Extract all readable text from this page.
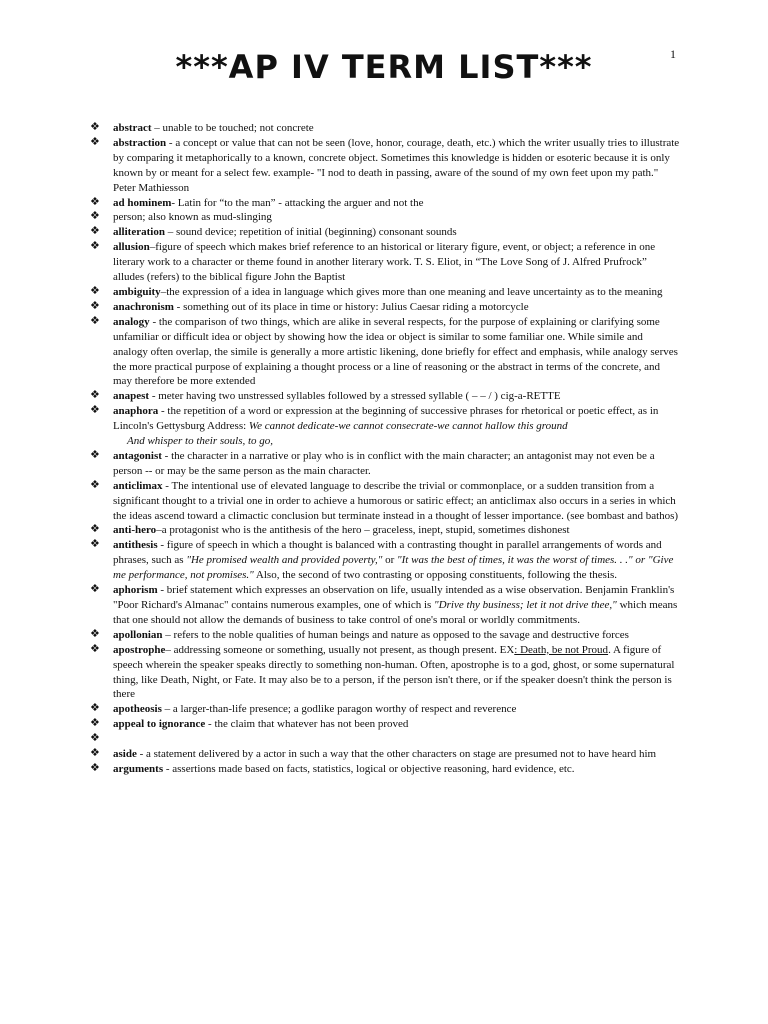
1
***AP IV TERM LIST***
❖ abstract – unable to be touched; not concrete
❖ abstraction - a concept or value that can not be seen (love, honor, courage, death, etc.) which the writer usually tries to illustrate by comparing it metaphorically to a known, concrete object. Sometimes this knowledge is hidden or esoteric because it is only known by or meant for a select few. example- "I nod to death in passing, aware of the sound of my own feet upon my path." Peter Mathiesson
❖ ad hominem- Latin for “to the man” - attacking the arguer and not the
❖ person; also known as mud-slinging
❖ alliteration – sound device; repetition of initial (beginning) consonant sounds
❖ allusion–figure of speech which makes brief reference to an historical or literary figure, event, or object; a reference in one literary work to a character or theme found in another literary work. T. S. Eliot, in “The Love Song of J. Alfred Prufrock” alludes (refers) to the biblical figure John the Baptist
❖ ambiguity–the expression of a idea in language which gives more than one meaning and leave uncertainty as to the meaning
❖ anachronism - something out of its place in time or history: Julius Caesar riding a motorcycle
❖ analogy - the comparison of two things, which are alike in several respects, for the purpose of explaining or clarifying some unfamiliar or difficult idea or object by showing how the idea or object is similar to some familiar one. While simile and analogy often overlap, the simile is generally a more artistic likening, done briefly for effect and emphasis, while analogy serves the more practical purpose of explaining a thought process or a line of reasoning or the abstract in terms of the concrete, and may therefore be more extended
❖ anapest - meter having two unstressed syllables followed by a stressed syllable ( – – / ) cig-a-RETTE
❖ anaphora - the repetition of a word or expression at the beginning of successive phrases for rhetorical or poetic effect, as in Lincoln's Gettysburg Address: We cannot dedicate-we cannot consecrate-we cannot hallow this ground
And whisper to their souls, to go,
❖ antagonist - the character in a narrative or play who is in conflict with the main character; an antagonist may not even be a person -- or may be the same person as the main character.
❖ anticlimax - The intentional use of elevated language to describe the trivial or commonplace, or a sudden transition from a significant thought to a trivial one in order to achieve a humorous or satiric effect; an anticlimax also occurs in a series in which the ideas ascend toward a climactic conclusion but terminate instead in a thought of lesser importance. (see bombast and bathos)
❖ anti-hero–a protagonist who is the antithesis of the hero – graceless, inept, stupid, sometimes dishonest
❖ antithesis - figure of speech in which a thought is balanced with a contrasting thought in parallel arrangements of words and phrases, such as "He promised wealth and provided poverty," or "It was the best of times, it was the worst of times. . ." or "Give me performance, not promises." Also, the second of two contrasting or opposing constituents, following the thesis.
❖ aphorism - brief statement which expresses an observation on life, usually intended as a wise observation. Benjamin Franklin's "Poor Richard's Almanac" contains numerous examples, one of which is "Drive thy business; let it not drive thee," which means that one should not allow the demands of business to take control of one's moral or worldly commitments.
❖ apollonian – refers to the noble qualities of human beings and nature as opposed to the savage and destructive forces
❖ apostrophe– addressing someone or something, usually not present, as though present. EX: Death, be not Proud. A figure of speech wherein the speaker speaks directly to something non-human. Often, apostrophe is to a god, ghost, or some supernatural thing, like Death, Night, or Fate. It may also be to a person, if the person isn't there, or if the speaker doesn't think the person is there
❖ apotheosis – a larger-than-life presence; a godlike paragon worthy of respect and reverence
❖ appeal to ignorance - the claim that whatever has not been proved
❖
❖ aside - a statement delivered by a actor in such a way that the other characters on stage are presumed not to have heard him
❖ arguments - assertions made based on facts, statistics, logical or objective reasoning, hard evidence, etc.
